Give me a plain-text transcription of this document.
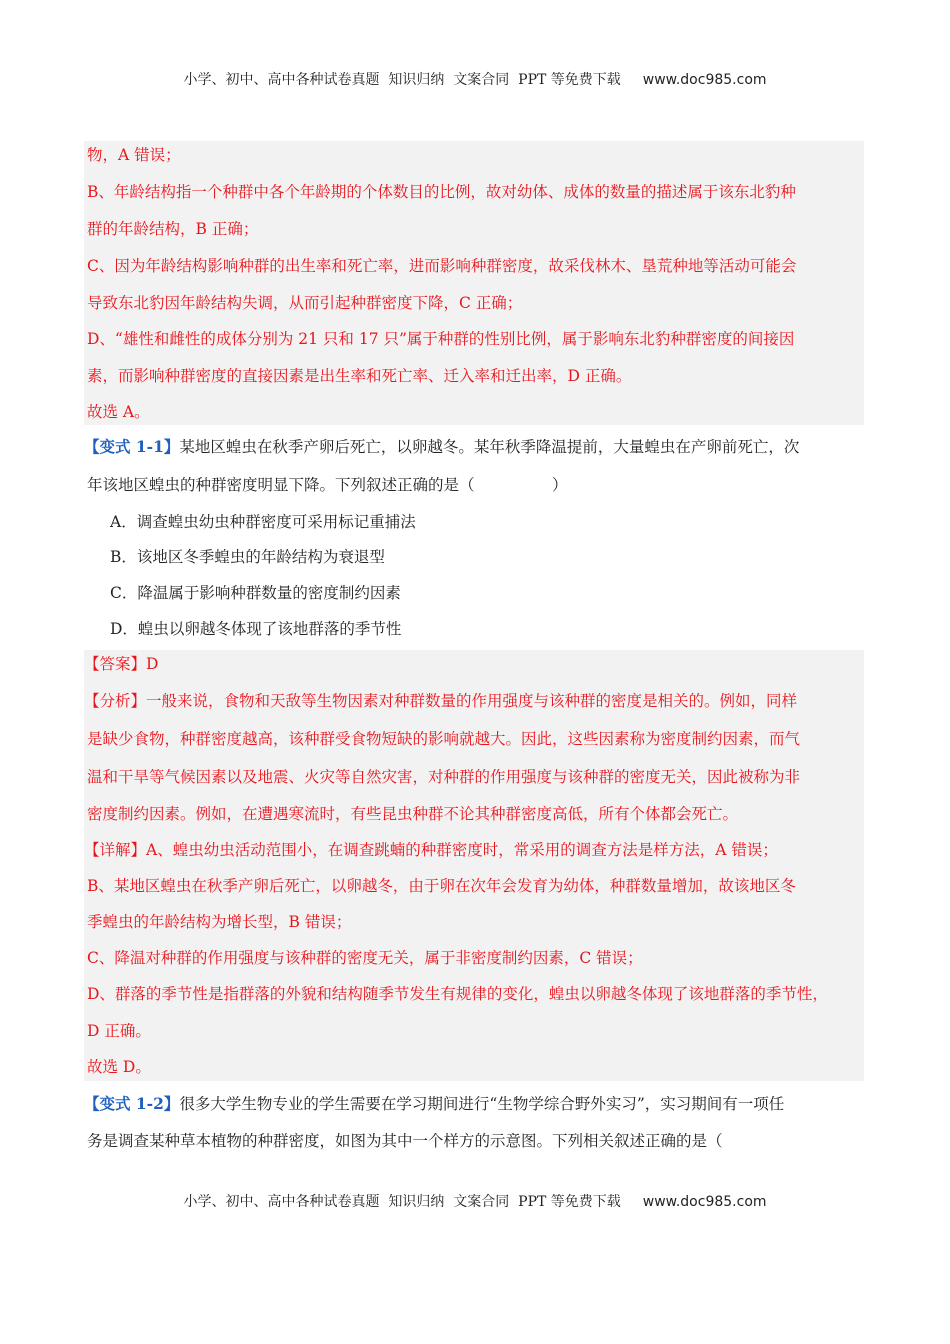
小学、初中、高中各种试卷真题  知识归纳  文案合同  PPT 等免费下载 www.doc985.com
物，A 错误；
B、年龄结构指一个种群中各个年龄期的个体数目的比例，故对幼体、成体的数量的描述属于该东北豹种
群的年龄结构，B 正确；
C、因为年龄结构影响种群的出生率和死亡率，进而影响种群密度，故采伐林木、垦荒种地等活动可能会
导致东北豹因年龄结构失调，从而引起种群密度下降，C 正确；
D、“雄性和雌性的成体分别为 21 只和 17 只”属于种群的性别比例，属于影响东北豹种群密度的间接因
素，而影响种群密度的直接因素是出生率和死亡率、迁入率和迁出率，D 正确。
故选 A。
【变式 1-1】某地区蝗虫在秋季产卵后死亡，以卵越冬。某年秋季降温提前，大量蝗虫在产卵前死亡，次
年该地区蝗虫的种群密度明显下降。下列叙述正确的是（　　　　　）
A．调查蝗虫幼虫种群密度可采用标记重捕法
B．该地区冬季蝗虫的年龄结构为衰退型
C．降温属于影响种群数量的密度制约因素
D．蝗虫以卵越冬体现了该地群落的季节性
【答案】D
【分析】一般来说，食物和天敌等生物因素对种群数量的作用强度与该种群的密度是相关的。例如，同样
是缺少食物，种群密度越高，该种群受食物短缺的影响就越大。因此，这些因素称为密度制约因素，而气
温和干旱等气候因素以及地震、火灾等自然灾害，对种群的作用强度与该种群的密度无关，因此被称为非
密度制约因素。例如，在遭遇寒流时，有些昆虫种群不论其种群密度高低，所有个体都会死亡。
【详解】A、蝗虫幼虫活动范围小，在调查跳蝻的种群密度时，常采用的调查方法是样方法，A 错误；
B、某地区蝗虫在秋季产卵后死亡，以卵越冬，由于卵在次年会发育为幼体，种群数量增加，故该地区冬
季蝗虫的年龄结构为增长型，B 错误；
C、降温对种群的作用强度与该种群的密度无关，属于非密度制约因素，C 错误；
D、群落的季节性是指群落的外貌和结构随季节发生有规律的变化，蝗虫以卵越冬体现了该地群落的季节性，
D 正确。
故选 D。
【变式 1-2】很多大学生物专业的学生需要在学习期间进行“生物学综合野外实习”，实习期间有一项任
务是调查某种草本植物的种群密度，如图为其中一个样方的示意图。下列相关叙述正确的是（
小学、初中、高中各种试卷真题  知识归纳  文案合同  PPT 等免费下载 www.doc985.com
